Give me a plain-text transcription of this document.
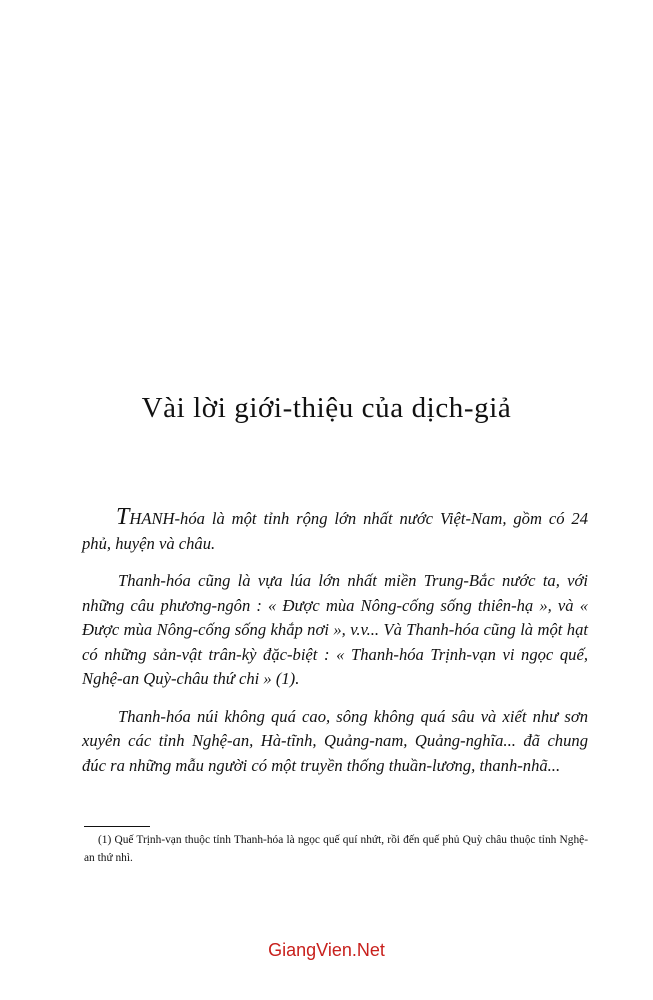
Vài lời giới-thiệu của dịch-giả

THANH-hóa là một tỉnh rộng lớn nhất nước Việt-Nam, gồm có 24 phủ, huyện và châu.

Thanh-hóa cũng là vựa lúa lớn nhất miền Trung-Bắc nước ta, với những câu phương-ngôn : « Được mùa Nông-cống sống thiên-hạ », và « Được mùa Nông-cống sống khắp nơi », v.v... Và Thanh-hóa cũng là một hạt có những sản-vật trân-kỳ đặc-biệt : « Thanh-hóa Trịnh-vạn vi ngọc quế, Nghệ-an Quỳ-châu thứ chi » (1).

Thanh-hóa núi không quá cao, sông không quá sâu và xiết như sơn xuyên các tỉnh Nghệ-an, Hà-tĩnh, Quảng-nam, Quảng-nghĩa... đã chung đúc ra những mẫu người có một truyền thống thuần-lương, thanh-nhã...

(1) Quế Trịnh-vạn thuộc tỉnh Thanh-hóa là ngọc quế quí nhứt, rồi đến quế phủ Quỳ châu thuộc tỉnh Nghệ-an thứ nhì.
GiangVien.Net
